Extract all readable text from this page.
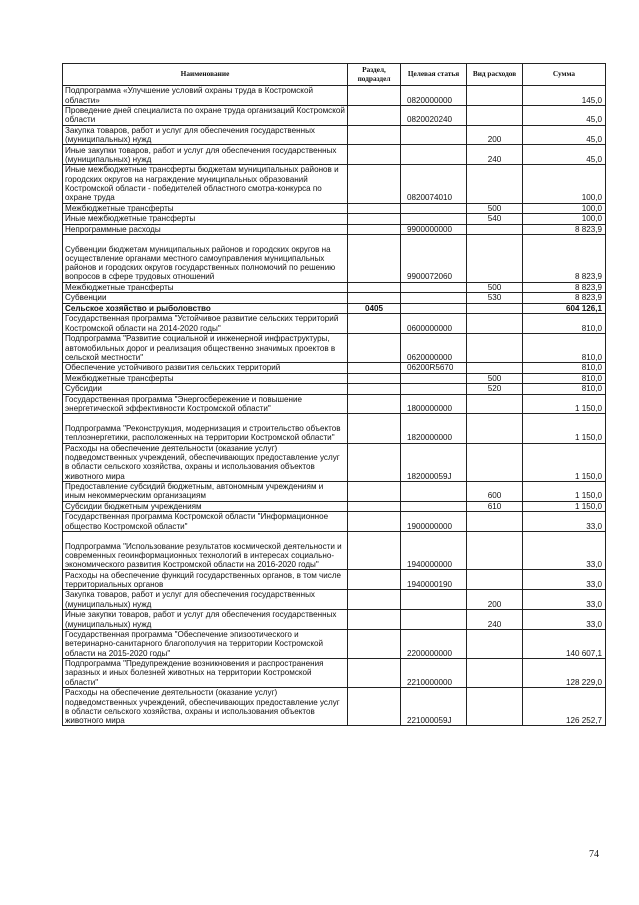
Наименование	Раздел, подраздел	Целевая статья	Вид расходов	Сумма
Подпрограмма «Улучшение условий охраны труда в Костромской области»		0820000000		145,0
Проведение дней специалиста по охране труда организаций Костромской области		0820020240		45,0
Закупка товаров, работ и услуг для обеспечения государственных (муниципальных) нужд			200	45,0
Иные закупки товаров, работ и услуг для обеспечения государственных (муниципальных) нужд			240	45,0
Иные межбюджетные трансферты бюджетам муниципальных районов и городских округов на награждение муниципальных образований Костромской области - победителей областного смотра-конкурса по охране труда		0820074010		100,0
Межбюджетные трансферты			500	100,0
Иные межбюджетные трансферты			540	100,0
Непрограммные расходы		9900000000		8 823,9
Субвенции бюджетам муниципальных районов и городских округов на осуществление органами местного самоуправления муниципальных районов и городских округов государственных полномочий по решению вопросов в сфере трудовых отношений		9900072060		8 823,9
Межбюджетные трансферты			500	8 823,9
Субвенции			530	8 823,9
Сельское хозяйство и рыболовство	0405			604 126,1
Государственная программа "Устойчивое развитие сельских территорий Костромской области на 2014-2020 годы"		0600000000		810,0
Подпрограмма "Развитие социальной и инженерной инфраструктуры, автомобильных дорог и реализация общественно значимых проектов в сельской местности"		0620000000		810,0
Обеспечение устойчивого развития сельских территорий		06200R5670		810,0
Межбюджетные трансферты			500	810,0
Субсидии			520	810,0
Государственная программа "Энергосбережение и повышение энергетической эффективности Костромской области"		1800000000		1 150,0
Подпрограмма "Реконструкция, модернизация и строительство объектов теплоэнергетики, расположенных на территории Костромской области"		1820000000		1 150,0
Расходы на обеспечение деятельности (оказание услуг) подведомственных учреждений, обеспечивающих предоставление услуг в области сельского хозяйства, охраны и использования объектов животного мира		182000059J		1 150,0
Предоставление субсидий бюджетным, автономным учреждениям и иным некоммерческим организациям			600	1 150,0
Субсидии бюджетным учреждениям			610	1 150,0
Государственная программа Костромской области "Информационное общество Костромской области"		1900000000		33,0
Подпрограмма "Использование результатов космической деятельности и современных геоинформационных технологий в интересах социально-экономического развития Костромской области на 2016-2020 годы"		1940000000		33,0
Расходы на обеспечение функций государственных органов, в том числе территориальных органов		1940000190		33,0
Закупка товаров, работ и услуг для обеспечения государственных (муниципальных) нужд			200	33,0
Иные закупки товаров, работ и услуг для обеспечения государственных (муниципальных) нужд			240	33,0
Государственная программа "Обеспечение эпизоотического и ветеринарно-санитарного благополучия на территории Костромской области на 2015-2020 годы"		2200000000		140 607,1
Подпрограмма "Предупреждение возникновения и распространения заразных и иных болезней животных на территории Костромской области"		2210000000		128 229,0
Расходы на обеспечение деятельности (оказание услуг) подведомственных учреждений, обеспечивающих предоставление услуг в области сельского хозяйства, охраны и использования объектов животного мира		221000059J		126 252,7
74
